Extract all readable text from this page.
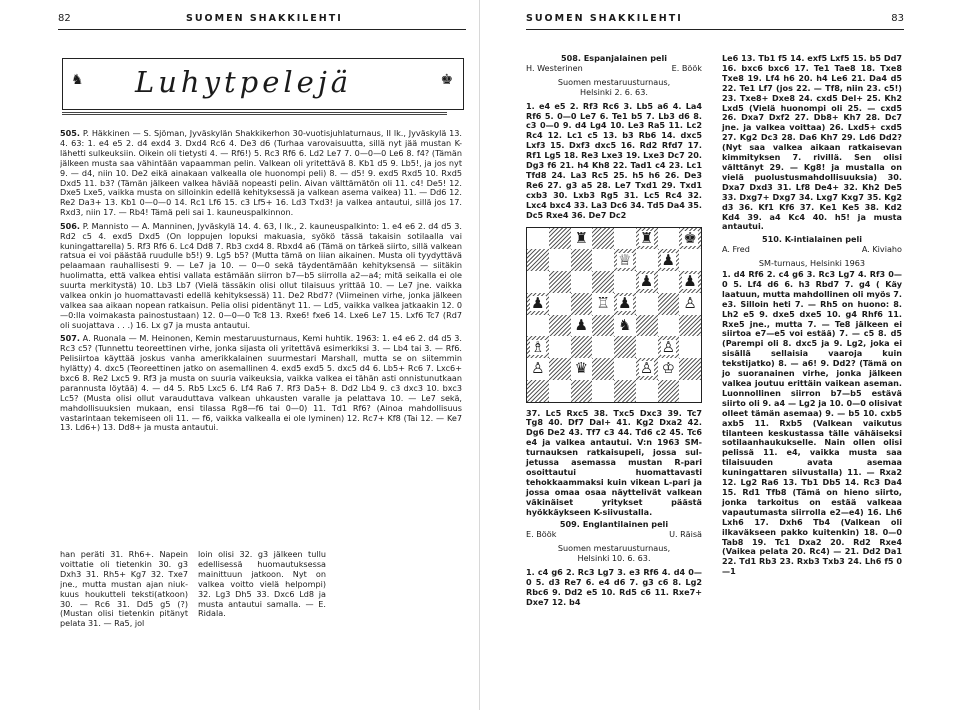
82	SUOMEN SHAKKILEHTI
♞ Luhytpelejä	♚

505. P. Häkkinen — S. Sjöman, Jyväskylän Shakkikerhon 30-vuotisjuhlaturnaus, II lk., Jyväskylä 13. 4. 63: 1. e4 e5 2. d4 exd4 3. Dxd4 Rc6 4. De3 d6 (Turhaa varovaisuutta, sillä nyt jää mustan K-lähetti sulkeuksiin. Oikein oli tietysti 4. — Rf6!) 5. Rc3 Rf6 6. Ld2 Le7 7. 0—0—0 Le6 8. f4? (Tämän jälkeen musta saa vähintään vapaamman pelin. Valkean oli yritettävä 8. Kb1 d5 9. Lb5!, ja jos nyt 9. — d4, niin 10. De2 eikä ainakaan valkealla ole huonompi peli) 8. — d5! 9. exd5 Rxd5 10. Rxd5 Dxd5 11. b3? (Tämän jälkeen valkea häviää nopeasti pelin. Aivan välttämätön oli 11. c4! De5! 12. Dxe5 Lxe5, vaikka musta on silloinkin edellä kehityksessä ja valkean asema vaikea) 11. — Dd6 12. Re2 Da3+ 13. Kb1 0—0—0 14. Rc1 Lf6 15. c3 Lf5+ 16. Ld3 Txd3! ja valkea antautui, sillä jos 17. Rxd3, niin 17. — Rb4! Tämä peli sai 1. kauneuspalkinnon.

506. P. Mannisto — A. Manninen, Jyväskylä 14. 4. 63, I lk., 2. kauneuspalkinto: 1. e4 e6 2. d4 d5 3. Rd2 c5 4. exd5 Dxd5 (On loppujen lopuksi makuasia, syökö tässä takaisin sotilaalla vai kuningattarella) 5. Rf3 Rf6 6. Lc4 Dd8 7. Rb3 cxd4 8. Rbxd4 a6 (Tämä on tärkeä siirto, sillä valkean ratsua ei voi päästää ruudulle b5!) 9. Lg5 b5? (Mutta tämä on liian aikainen. Musta oli tyydyttävä pelaamaan rauhallisesti 9. — Le7 ja 10. — 0—0 sekä täydentämään kehityksensä — siitäkin huolimatta, että valkea ehtisi vallata estämään siirron b7—b5 siirrolla a2—a4; mitä seikalla ei ole suurta merkitystä) 10. Lb3 Lb7 (Vielä tässäkin olisi ollut tilaisuus yrittää 10. — Le7 jne. vaikka valkea onkin jo huomattavasti edellä kehityksessä) 11. De2 Rbd7? (Viimeinen virhe, jonka jälkeen valkea saa aikaan nopean ratkaisun. Pelia olisi pidentänyt 11. — Ld5, vaikka valkea jatkaakin 12. 0—0:lla voimakasta painostustaan) 12. 0—0—0 Tc8 13. Rxe6! fxe6 14. Lxe6 Le7 15. Lxf6 Tc7 (Rd7 oli suojattava . . .) 16. Lx g7 ja musta antautui.

507. A. Ruonala — M. Heinonen, Kemin mestaruusturnaus, Kemi huhtik. 1963: 1. e4 e6 2. d4 d5 3. Rc3 c5? (Tunnettu teoreettinen virhe, jonka sijasta oli yritettävä esimerkiksi 3. — Lb4 tai 3. — Rf6. Pelisiirtoa käyttää joskus vanha amerikkalainen suurmestari Marshall, mutta se on siitemmin hylätty) 4. dxc5 (Teoreettinen jatko on asemallinen 4. exd5 exd5 5. dxc5 d4 6. Lb5+ Rc6 7. Lxc6+ bxc6 8. Re2 Lxc5 9. Rf3 ja musta on suuria vaikeuksia, vaikka valkea ei tähän asti onnistunutkaan parannusta löytää) 4. — d4 5. Rb5 Lxc5 6. Lf4 Ra6 7. Rf3 Da5+ 8. Dd2 Lb4 9. c3 dxc3 10. bxc3 Lc5? (Musta olisi ollut varauduttava valkean uhkausten varalle ja pelattava 10. — Le7 sekä, mahdollisuuksien mukaan, ensi tilassa Rg8—f6 tai 0—0) 11. Td1 Rf6? (Ainoa mahdollisuus vastarintaan tekemiseen oli 11. — f6, vaikka valkealla ei ole lyminen) 12. Rc7+ Kf8 (Tai 12. — Ke7 13. Ld6+) 13. Dd8+ ja musta antautui.

han peräti 31. Rh6+. Napein voittatie oli tietenkin 30. g3 Dxh3 31. Rh5+ Kg7 32. Txe7 jne., mutta mustan ajan niukkuus houkutteli teksti(atkoon) 30. — Rc6 31. Dd5 g5 (?) (Mustan olisi tietenkin pitänyt pelata 31. — Ra5, jol
loin olisi 32. g3 jälkeen tullu edellisessä huomautuksessa mainittuun jatkoon. Nyt on valkea voitto vielä helpompi) 32. Lg3 Dh5 33. Dxc6 Ld8 ja musta antautui samalla. — E. Ridala.
SUOMEN SHAKKILEHTI	83
508. Espanjalainen peli
H. Westerinen	E. Böök
Suomen mestaruusturnaus,
Helsinki 2. 6. 63.

1. e4 e5 2. Rf3 Rc6 3. Lb5 a6 4. La4 Rf6 5. 0—0 Le7 6. Te1 b5 7. Lb3 d6 8. c3 0—0 9. d4 Lg4 10. Le3 Ra5 11. Lc2 Rc4 12. Lc1 c5 13. b3 Rb6 14. dxc5 Lxf3 15. Dxf3 dxc5 16. Rd2 Rfd7 17. Rf1 Lg5 18. Re3 Lxe3 19. Lxe3 Dc7 20. Dg3 f6 21. h4 Kh8 22. Tad1 c4 23. Lc1 Tfd8 24. La3 Rc5 25. h5 h6 26. De3 Re6 27. g3 a5 28. Le7 Txd1 29. Txd1 cxb3 30. Lxb3 Rg5 31. Lc5 Rc4 32. Lxc4 bxc4 33. La3 Dc6 34. Td5 Da4 35. Dc5 Rxe4 36. De7 Dc2

♜	♜ ♚
♕ ♟
♟ ♟
♟	♖ ♟	♙
♟ ♞
♗	♙
♙ ♛	♙ ♔

37. Lc5 Rxc5 38. Txc5 Dxc3 39. Tc7 Tg8 40. Df7 Dal+ 41. Kg2 Dxa2 42. Dg6 De2 43. Tf7 c3 44. Td6 c2 45. Tc6 e4 ja valkea antautui. V:n 1963 SM-turnauksen ratkaisupeli, jossa suljetussa asemassa mustan R-pari osoittautui huomattavasti tehokkaammaksi kuin vikean L-pari ja jossa omaa osaa näyttelivät valkean väkinäiset yritykset päästä hyökkäykseen K-siivustalla.

509. Englantilainen peli
E. Böök	U. Räisä
Suomen mestaruusturnaus,
Helsinki 10. 6. 63.

1. c4 g6 2. Rc3 Lg7 3. e3 Rf6 4. d4 0—0 5. d3 Re7 6. e4 d6 7. g3 c6 8. Lg2 Rbc6 9. Dd2 e5 10. Rd5 c6 11. Rxe7+ Dxe7 12. b4

Le6 13. Tb1 f5 14. exf5 Lxf5 15. b5 Dd7 16. bxc6 bxc6 17. Te1 Tae8 18. Txe8 Txe8 19. Lf4 h6 20. h4 Le6 21. Da4 d5 22. Te1 Lf7 (jos 22. — Tf8, niin 23. c5!) 23. Txe8+ Dxe8 24. cxd5 Del+ 25. Kh2 Lxd5 (Vielä huonompi oli 25. — cxd5 26. Dxa7 Dxf2 27. Db8+ Kh7 28. Dc7 jne. ja valkea voittaa) 26. Lxd5+ cxd5 27. Kg2 Dc3 28. Da6 Kh7 29. Ld6 Dd2? (Nyt saa valkea aikaan ratkaisevan kimmityksen 7. rivillä. Sen olisi välttänyt 29. — Kg8! ja mustalla on vielä puolustusmahdollisuuksia) 30. Dxa7 Dxd3 31. Lf8 De4+ 32. Kh2 De5 33. Dxg7+ Dxg7 34. Lxg7 Kxg7 35. Kg2 d3 36. Kf1 Kf6 37. Ke1 Ke5 38. Kd2 Kd4 39. a4 Kc4 40. h5! ja musta antautui.

510. K-intialainen peli
A. Fred	A. Kiviaho
SM-turnaus, Helsinki 1963

1. d4 Rf6 2. c4 g6 3. Rc3 Lg7 4. Rf3 0—0 5. Lf4 d6 6. h3 Rbd7 7. g4 ( Käy laatuun, mutta mahdollinen oli myös 7. e3. Silloin heti 7. — Rh5 on huono: 8. Lh2 e5 9. dxe5 dxe5 10. g4 Rhf6 11. Rxe5 jne., mutta 7. — Te8 jälkeen ei siirtoa e7—e5 voi estää) 7. — c5 8. d5 (Parempi oli 8. dxc5 ja 9. Lg2, joka ei sisällä sellaisia vaaroja kuin tekstijatko) 8. — a6! 9. Dd2? (Tämä on jo suoranainen virhe, jonka jälkeen valkea joutuu erittäin vaikean aseman. Luonnollinen siirron b7—b5 estävä siirto oli 9. a4 — Lg2 ja 10. 0—0 olisivat olleet tämän asemaa) 9. — b5 10. cxb5 axb5 11. Rxb5 (Valkean vaikutus tilanteen keskustassa tälle vähäiseksi sotilaanhaukukselle. Nain ollen olisi pelissä 11. e4, vaikka musta saa tilaisuuden avata asemaa kuningattaren siivustalla) 11. — Rxa2 12. Lg2 Ra6 13. Tb1 Db5 14. Rc3 Da4 15. Rd1 Tfb8 (Tämä on hieno siirto, jonka tarkoitus on estää valkeaa vapautumasta siirrolla e2—e4) 16. Lh6 Lxh6 17. Dxh6 Tb4 (Valkean oli ilkaväkseen pakko kuitenkin) 18. 0—0 Tab8 19. Tc1 Dxa2 20. Rd2 Rxe4 (Vaikea pelata 20. Rc4) — 21. Dd2 Da1 22. Td1 Rb3 23. Rxb3 Txb3 24. Lh6 f5 0—1
